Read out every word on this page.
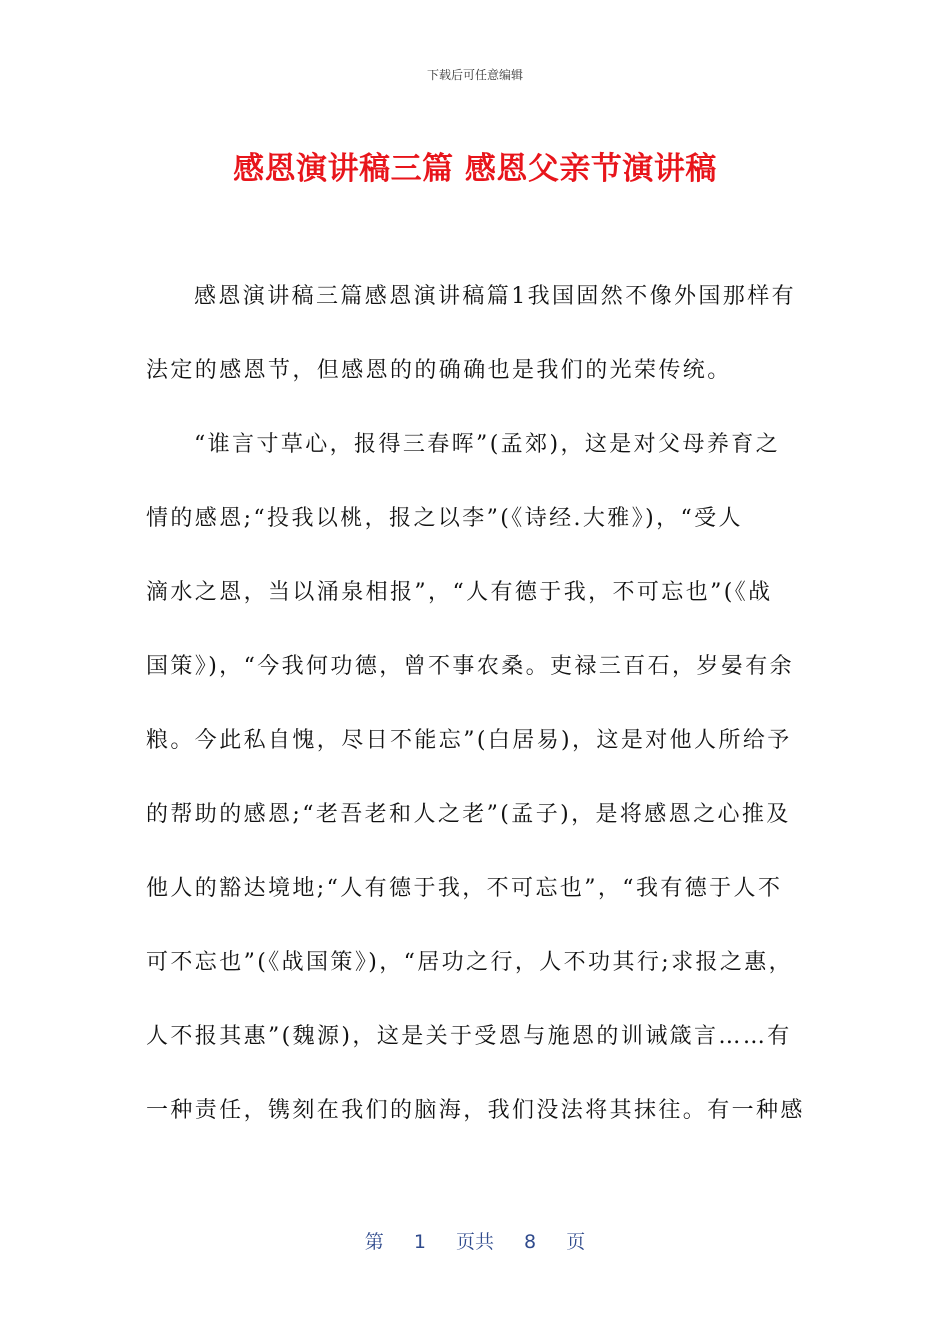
下载后可任意编辑
感恩演讲稿三篇 感恩父亲节演讲稿
感恩演讲稿三篇感恩演讲稿篇1我国固然不像外国那样有
法定的感恩节，但感恩的的确确也是我们的光荣传统。
“谁言寸草心，报得三春晖”(孟郊)，这是对父母养育之
情的感恩;“投我以桃，报之以李”(《诗经.大雅》)，“受人
滴水之恩，当以涌泉相报”，“人有德于我，不可忘也”(《战
国策》)，“今我何功德，曾不事农桑。吏禄三百石，岁晏有余
粮。今此私自愧，尽日不能忘”(白居易)，这是对他人所给予
的帮助的感恩;“老吾老和人之老”(孟子)，是将感恩之心推及
他人的豁达境地;“人有德于我，不可忘也”，“我有德于人不
可不忘也”(《战国策》)，“居功之行，人不功其行;求报之惠，
人不报其惠”(魏源)，这是关于受恩与施恩的训诫箴言……有
一种责任，镌刻在我们的脑海，我们没法将其抹往。有一种感
第 1 页共 8 页
